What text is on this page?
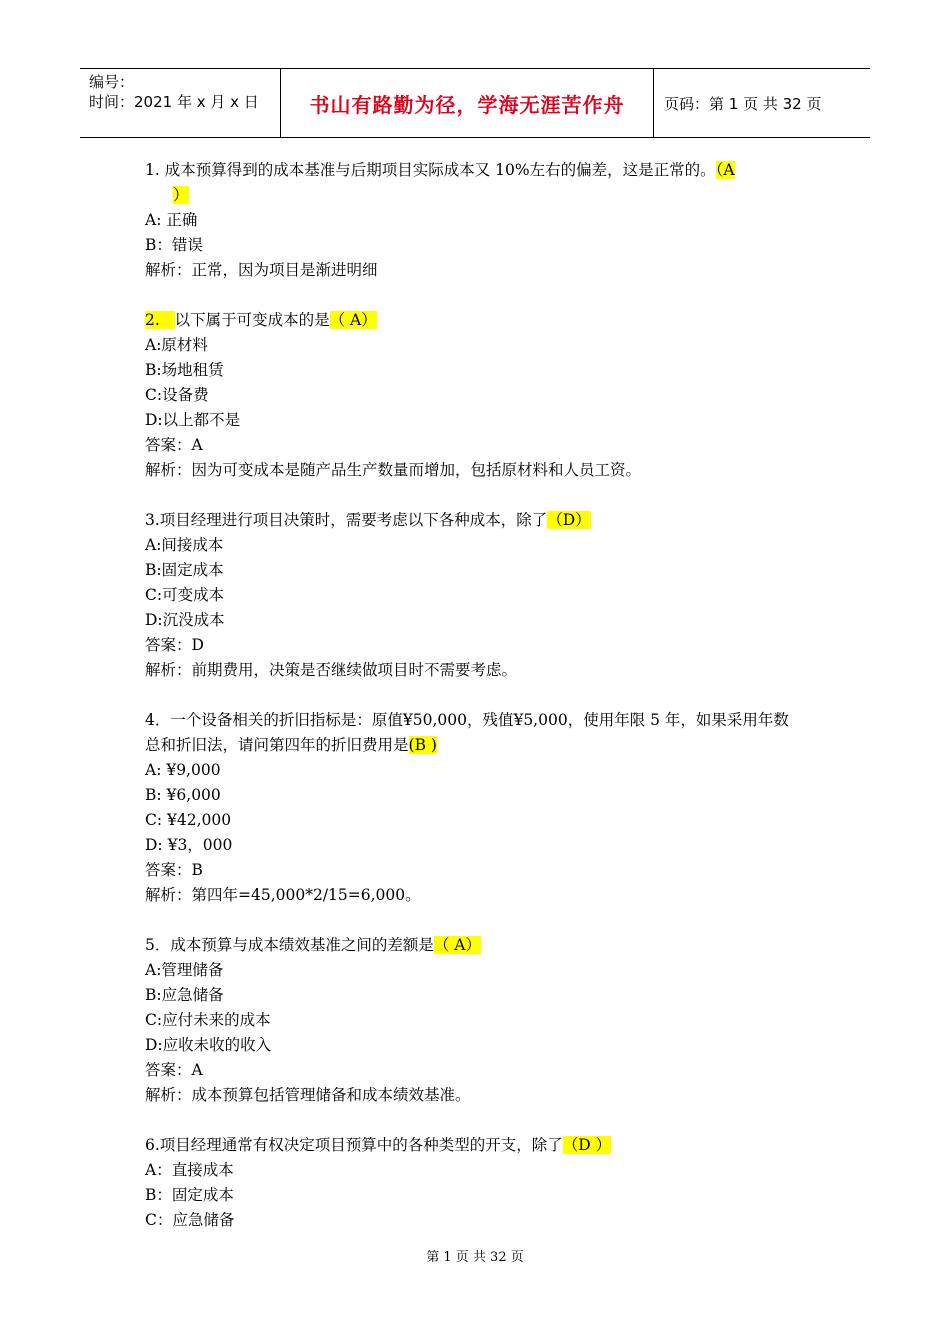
编号：
时间：2021 年 x 月 x 日	书山有路勤为径，学海无涯苦作舟	页码：第 1 页 共 32 页

1. 成本预算得到的成本基准与后期项目实际成本又 10%左右的偏差，这是正常的。（A

）

A: 正确

B：错误

解析：正常，因为项目是渐进明细

2. 以下属于可变成本的是（ A）

A:原材料

B:场地租赁

C:设备费

D:以上都不是

答案：A

解析：因为可变成本是随产品生产数量而增加，包括原材料和人员工资。

3.项目经理进行项目决策时，需要考虑以下各种成本，除了（D）

A:间接成本

B:固定成本

C:可变成本

D:沉没成本

答案：D

解析：前期费用，决策是否继续做项目时不需要考虑。

4．一个设备相关的折旧指标是：原值¥50,000，残值¥5,000，使用年限 5 年，如果采用年数

总和折旧法，请问第四年的折旧费用是(B )

A: ¥9,000

B: ¥6,000

C: ¥42,000

D: ¥3，000

答案：B

解析：第四年=45,000*2/15=6,000。

5．成本预算与成本绩效基准之间的差额是（ A）

A:管理储备

B:应急储备

C:应付未来的成本

D:应收未收的收入

答案：A

解析：成本预算包括管理储备和成本绩效基准。

6.项目经理通常有权决定项目预算中的各种类型的开支，除了（D ）

A：直接成本

B：固定成本

C：应急储备

第 1 页 共 32 页
